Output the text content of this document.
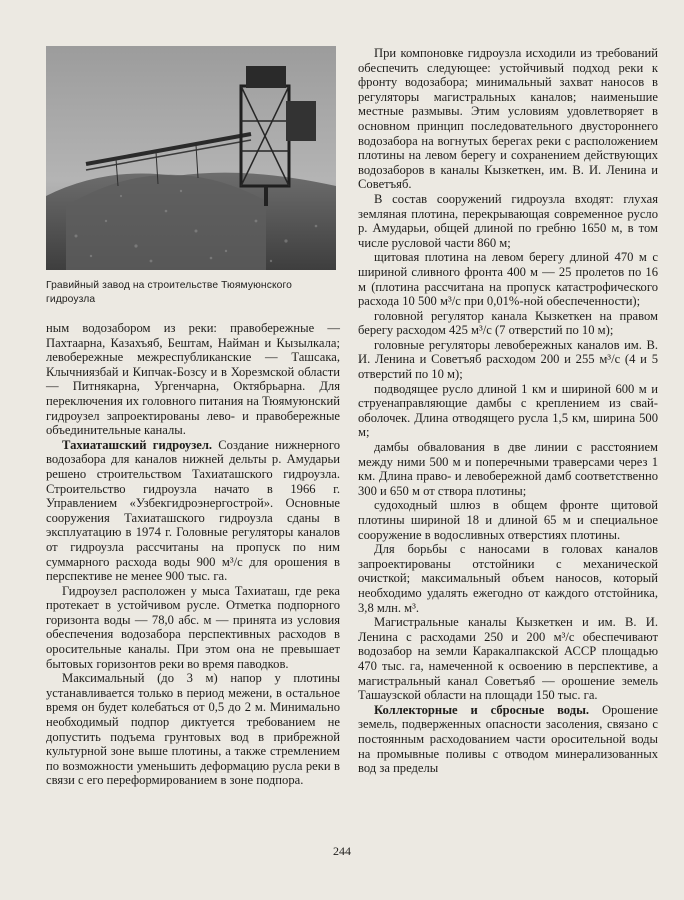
Гравийный завод на строительстве Тюямуюнского гидроузла

ным водозабором из реки: правобережные — Пахтаарна, Казахъяб, Бештам, Найман и Кызылкала; левобережные межреспубликанские — Ташсака, Клычниязбай и Кипчак-Бозсу и в Хорезмской области — Питнякарна, Ургенчарна, Октябрьарна. Для переключения их головного питания на Тюямуюнский гидроузел запроектированы лево- и правобережные объединительные каналы.

Тахиаташский гидроузел. Создание нижнерного водозабора для каналов нижней дельты р. Амударьи решено строительством Тахиаташского гидроузла. Строительство гидроузла начато в 1966 г. Управлением «Узбекгидроэнергострой». Основные сооружения Тахиаташского гидроузла сданы в эксплуатацию в 1974 г. Головные регуляторы каналов от гидроузла рассчитаны на пропуск по ним суммарного расхода воды 900 м³/с для орошения в перспективе не менее 900 тыс. га.

Гидроузел расположен у мыса Тахиаташ, где река протекает в устойчивом русле. Отметка подпорного горизонта воды — 78,0 абс. м — принята из условия обеспечения водозабора перспективных расходов в оросительные каналы. При этом она не превышает бытовых горизонтов реки во время паводков.

Максимальный (до 3 м) напор у плотины устанавливается только в период межени, в остальное время он будет колебаться от 0,5 до 2 м. Минимально необходимый подпор диктуется требованием не допустить подъема грунтовых вод в прибрежной культурной зоне выше плотины, а также стремлением по возможности уменьшить деформацию русла реки в связи с его переформированием в зоне подпора.

При компоновке гидроузла исходили из требований обеспечить следующее: устойчивый подход реки к фронту водозабора; минимальный захват наносов в регуляторы магистральных каналов; наименьшие местные размывы. Этим условиям удовлетворяет в основном принцип последовательного двустороннего водозабора на вогнутых берегах реки с расположением плотины на левом берегу и сохранением действующих водозаборов в каналы Кызкеткен, им. В. И. Ленина и Советъяб.

В состав сооружений гидроузла входят: глухая земляная плотина, перекрывающая современное русло р. Амударьи, общей длиной по гребню 1650 м, в том числе русловой части 860 м;

щитовая плотина на левом берегу длиной 470 м с шириной сливного фронта 400 м — 25 пролетов по 16 м (плотина рассчитана на пропуск катастрофического расхода 10 500 м³/с при 0,01%-ной обеспеченности);

головной регулятор канала Кызкеткен на правом берегу расходом 425 м³/с (7 отверстий по 10 м);

головные регуляторы левобережных каналов им. В. И. Ленина и Советъяб расходом 200 и 255 м³/с (4 и 5 отверстий по 10 м);

подводящее русло длиной 1 км и шириной 600 м и струенаправляющие дамбы с креплением из свай-оболочек. Длина отводящего русла 1,5 км, ширина 500 м;

дамбы обвалования в две линии с расстоянием между ними 500 м и поперечными траверсами через 1 км. Длина право- и левобережной дамб соответственно 300 и 650 м от створа плотины;

судоходный шлюз в общем фронте щитовой плотины шириной 18 и длиной 65 м и специальное сооружение в водосливных отверстиях плотины.

Для борьбы с наносами в головах каналов запроектированы отстойники с механической очисткой; максимальный объем наносов, который необходимо удалять ежегодно от каждого отстойника, 3,8 млн. м³.

Магистральные каналы Кызкеткен и им. В. И. Ленина с расходами 250 и 200 м³/с обеспечивают водозабор на земли Каракалпакской АССР площадью 470 тыс. га, намеченной к освоению в перспективе, а магистральный канал Советъяб — орошение земель Ташаузской области на площади 150 тыс. га.

Коллекторные и сбросные воды. Орошение земель, подверженных опасности засоления, связано с постоянным расходованием части оросительной воды на промывные поливы с отводом минерализованных вод за пределы

244
